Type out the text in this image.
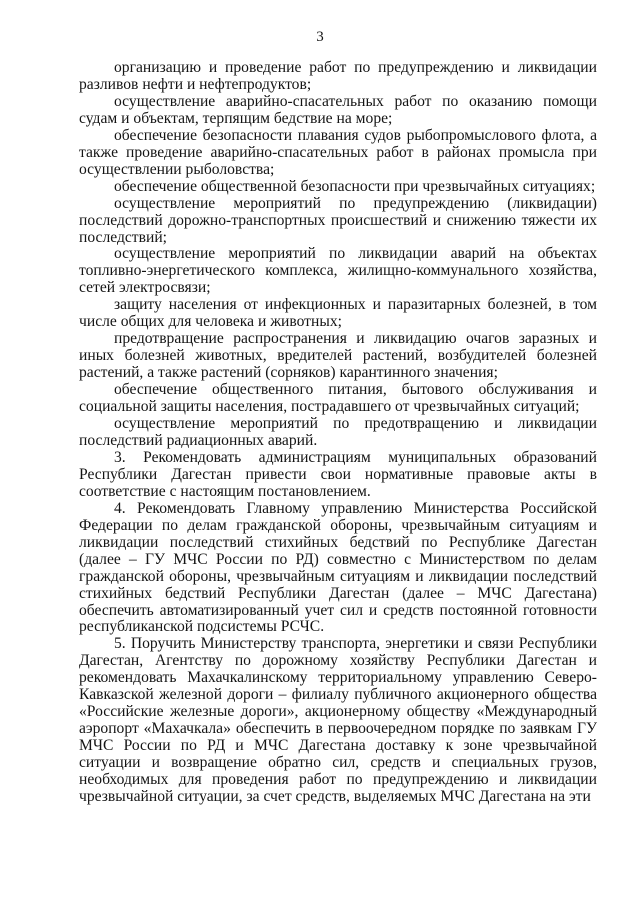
3

организацию и проведение работ по предупреждению и ликвидации разливов нефти и нефтепродуктов;

осуществление аварийно-спасательных работ по оказанию помощи судам и объектам, терпящим бедствие на море;

обеспечение безопасности плавания судов рыбопромыслового флота, а также проведение аварийно-спасательных работ в районах промысла при осуществлении рыболовства;

обеспечение общественной безопасности при чрезвычайных ситуациях;

осуществление мероприятий по предупреждению (ликвидации) последствий дорожно-транспортных происшествий и снижению тяжести их последствий;

осуществление мероприятий по ликвидации аварий на объектах топливно-энергетического комплекса, жилищно-коммунального хозяйства, сетей электросвязи;

защиту населения от инфекционных и паразитарных болезней, в том числе общих для человека и животных;

предотвращение распространения и ликвидацию очагов заразных и иных болезней животных, вредителей растений, возбудителей болезней растений, а также растений (сорняков) карантинного значения;

обеспечение общественного питания, бытового обслуживания и социальной защиты населения, пострадавшего от чрезвычайных ситуаций;

осуществление мероприятий по предотвращению и ликвидации последствий радиационных аварий.

3. Рекомендовать администрациям муниципальных образований Республики Дагестан привести свои нормативные правовые акты в соответствие с настоящим постановлением.

4. Рекомендовать Главному управлению Министерства Российской Федерации по делам гражданской обороны, чрезвычайным ситуациям и ликвидации последствий стихийных бедствий по Республике Дагестан (далее – ГУ МЧС России по РД) совместно с Министерством по делам гражданской обороны, чрезвычайным ситуациям и ликвидации последствий стихийных бедствий Республики Дагестан (далее – МЧС Дагестана) обеспечить автоматизированный учет сил и средств постоянной готовности республиканской подсистемы РСЧС.

5. Поручить Министерству транспорта, энергетики и связи Республики Дагестан, Агентству по дорожному хозяйству Республики Дагестан и рекомендовать Махачкалинскому территориальному управлению Северо-Кавказской железной дороги – филиалу публичного акционерного общества «Российские железные дороги», акционерному обществу «Международный аэропорт «Махачкала» обеспечить в первоочередном порядке по заявкам ГУ МЧС России по РД и МЧС Дагестана доставку к зоне чрезвычайной ситуации и возвращение обратно сил, средств и специальных грузов, необходимых для проведения работ по предупреждению и ликвидации чрезвычайной ситуации, за счет средств, выделяемых МЧС Дагестана на эти
